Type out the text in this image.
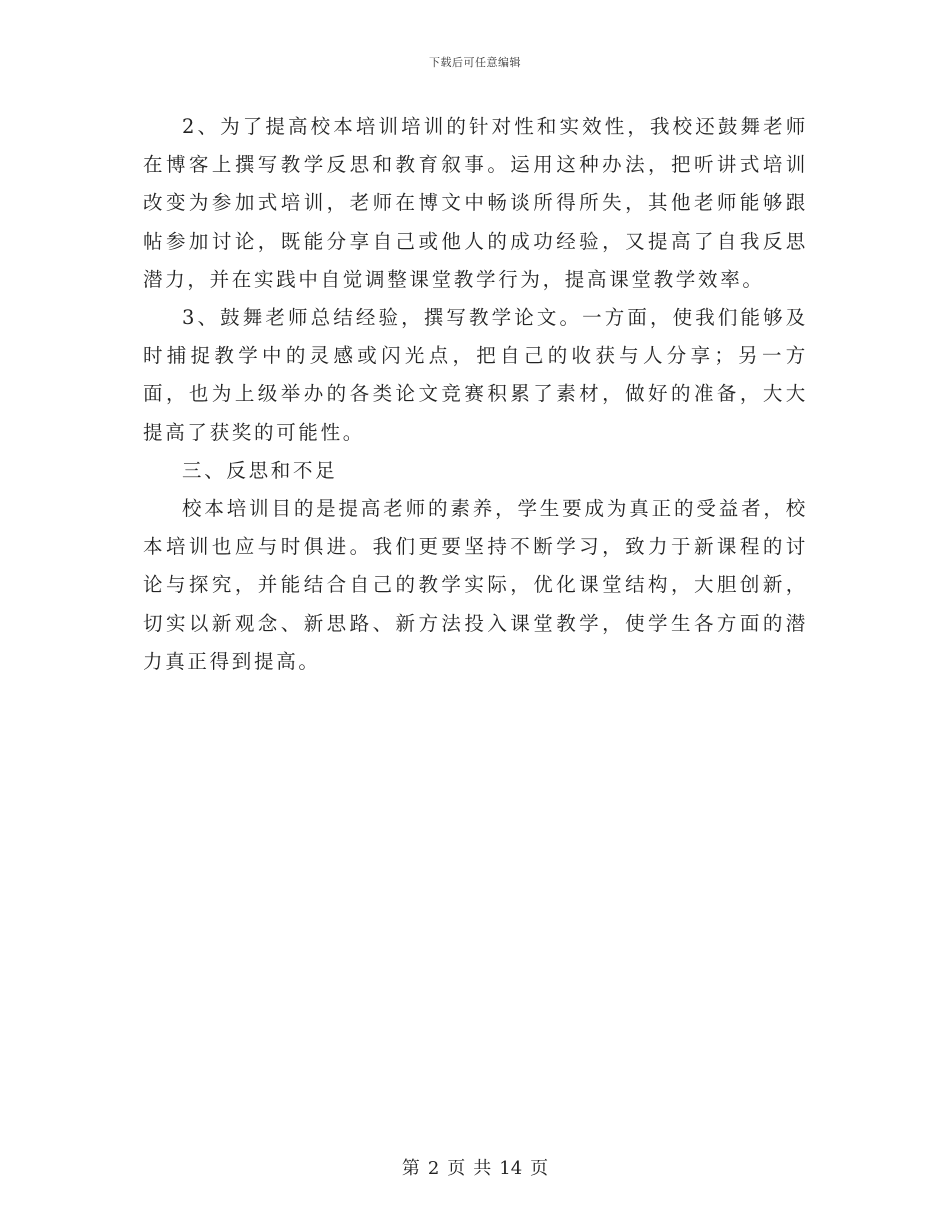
下载后可任意编辑

2、为了提高校本培训培训的针对性和实效性，我校还鼓舞老师在博客上撰写教学反思和教育叙事。运用这种办法，把听讲式培训改变为参加式培训，老师在博文中畅谈所得所失，其他老师能够跟帖参加讨论，既能分享自己或他人的成功经验，又提高了自我反思潜力，并在实践中自觉调整课堂教学行为，提高课堂教学效率。

3、鼓舞老师总结经验，撰写教学论文。一方面，使我们能够及时捕捉教学中的灵感或闪光点，把自己的收获与人分享；另一方面，也为上级举办的各类论文竞赛积累了素材，做好的准备，大大提高了获奖的可能性。

三、反思和不足

校本培训目的是提高老师的素养，学生要成为真正的受益者，校本培训也应与时俱进。我们更要坚持不断学习，致力于新课程的讨论与探究，并能结合自己的教学实际，优化课堂结构，大胆创新，切实以新观念、新思路、新方法投入课堂教学，使学生各方面的潜力真正得到提高。

第 2 页 共 14 页
